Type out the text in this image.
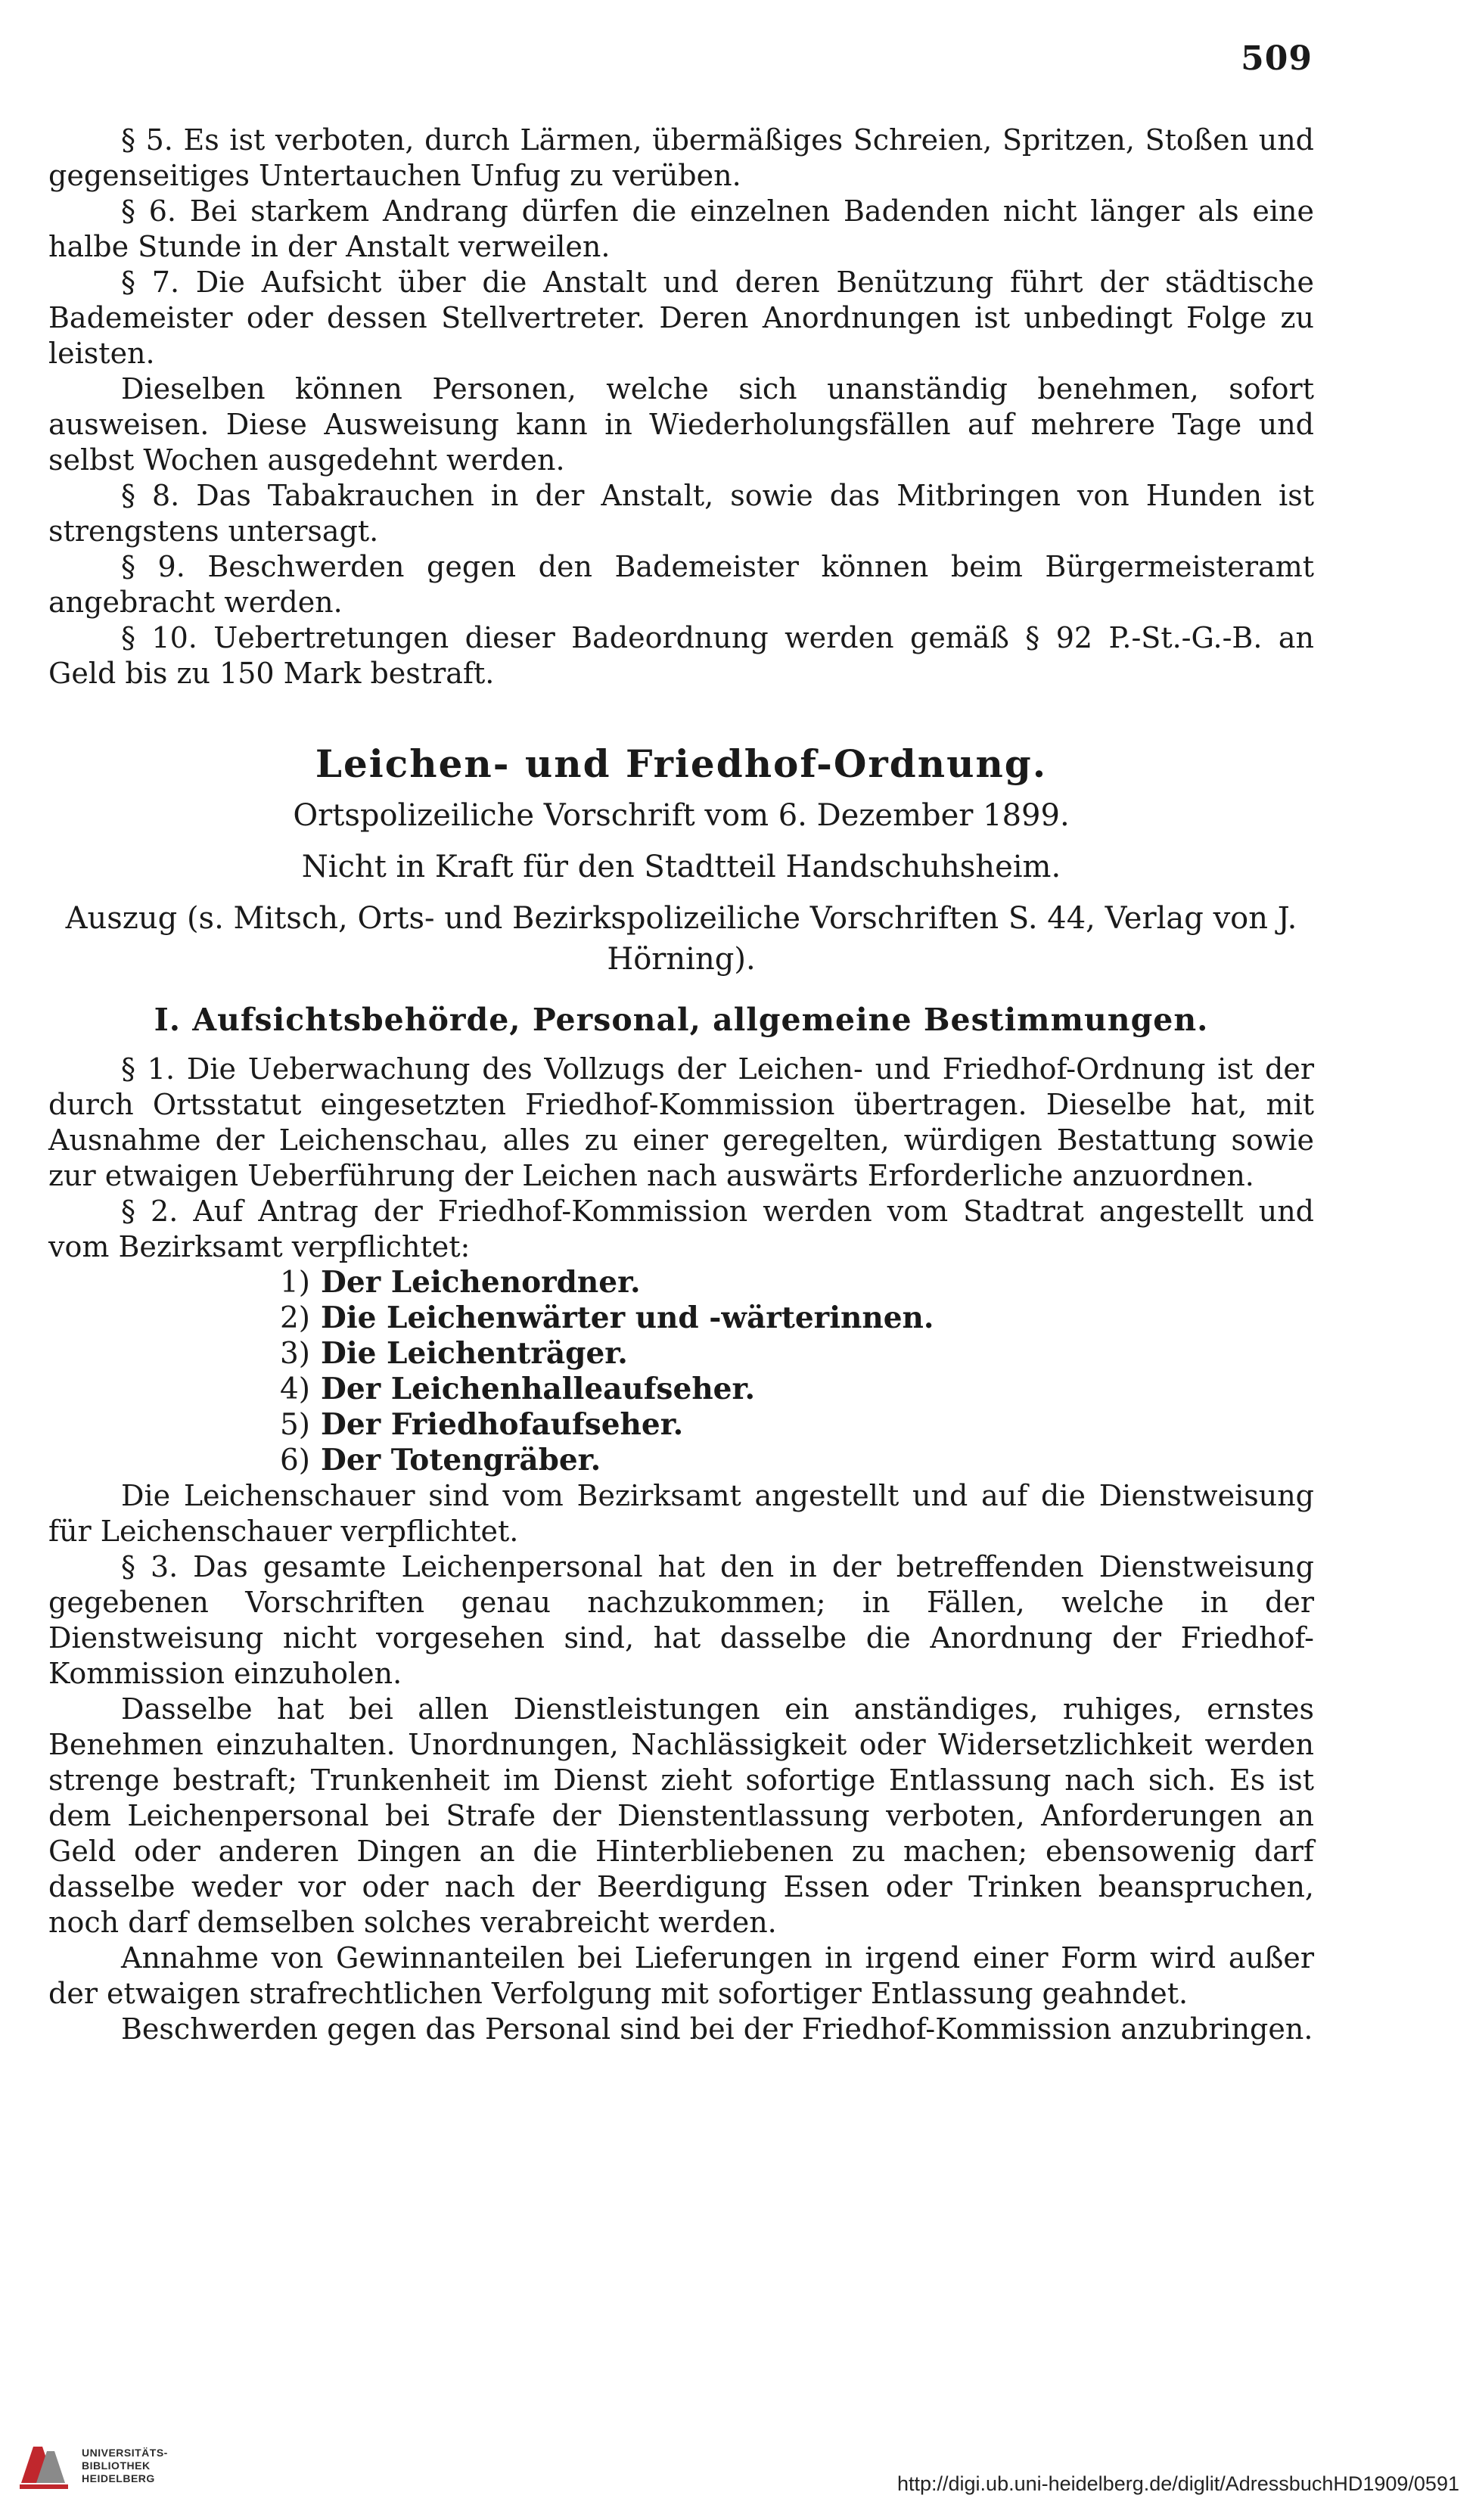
509

§ 5. Es ist verboten, durch Lärmen, übermäßiges Schreien, Spritzen, Stoßen und gegenseitiges Untertauchen Unfug zu verüben.

§ 6. Bei starkem Andrang dürfen die einzelnen Badenden nicht länger als eine halbe Stunde in der Anstalt verweilen.

§ 7. Die Aufsicht über die Anstalt und deren Benützung führt der städtische Bademeister oder dessen Stellvertreter. Deren Anordnungen ist unbedingt Folge zu leisten.

Dieselben können Personen, welche sich unanständig benehmen, sofort ausweisen. Diese Ausweisung kann in Wiederholungsfällen auf mehrere Tage und selbst Wochen ausgedehnt werden.

§ 8. Das Tabakrauchen in der Anstalt, sowie das Mitbringen von Hunden ist strengstens untersagt.

§ 9. Beschwerden gegen den Bademeister können beim Bürgermeisteramt angebracht werden.

§ 10. Uebertretungen dieser Badeordnung werden gemäß § 92 P.-St.-G.-B. an Geld bis zu 150 Mark bestraft.

Leichen- und Friedhof-Ordnung.
Ortspolizeiliche Vorschrift vom 6. Dezember 1899.
Nicht in Kraft für den Stadtteil Handschuhsheim.
Auszug (s. Mitsch, Orts- und Bezirkspolizeiliche Vorschriften S. 44, Verlag von J. Hörning).
I. Aufsichtsbehörde, Personal, allgemeine Bestimmungen.

§ 1. Die Ueberwachung des Vollzugs der Leichen- und Friedhof-Ordnung ist der durch Ortsstatut eingesetzten Friedhof-Kommission übertragen. Dieselbe hat, mit Ausnahme der Leichenschau, alles zu einer geregelten, würdigen Bestattung sowie zur etwaigen Ueberführung der Leichen nach auswärts Erforderliche anzuordnen.

§ 2. Auf Antrag der Friedhof-Kommission werden vom Stadtrat angestellt und vom Bezirksamt verpflichtet:

1) Der Leichenordner.
2) Die Leichenwärter und -wärterinnen.
3) Die Leichenträger.
4) Der Leichenhalleaufseher.
5) Der Friedhofaufseher.
6) Der Totengräber.

Die Leichenschauer sind vom Bezirksamt angestellt und auf die Dienstweisung für Leichenschauer verpflichtet.

§ 3. Das gesamte Leichenpersonal hat den in der betreffenden Dienstweisung gegebenen Vorschriften genau nachzukommen; in Fällen, welche in der Dienstweisung nicht vorgesehen sind, hat dasselbe die Anordnung der Friedhof-Kommission einzuholen.

Dasselbe hat bei allen Dienstleistungen ein anständiges, ruhiges, ernstes Benehmen einzuhalten. Unordnungen, Nachlässigkeit oder Widersetzlichkeit werden strenge bestraft; Trunkenheit im Dienst zieht sofortige Entlassung nach sich. Es ist dem Leichenpersonal bei Strafe der Dienstentlassung verboten, Anforderungen an Geld oder anderen Dingen an die Hinterbliebenen zu machen; ebensowenig darf dasselbe weder vor oder nach der Beerdigung Essen oder Trinken beanspruchen, noch darf demselben solches verabreicht werden.

Annahme von Gewinnanteilen bei Lieferungen in irgend einer Form wird außer der etwaigen strafrechtlichen Verfolgung mit sofortiger Entlassung geahndet.

Beschwerden gegen das Personal sind bei der Friedhof-Kommission anzubringen.

UNIVERSITÄTS-
BIBLIOTHEK
HEIDELBERG	http://digi.ub.uni-heidelberg.de/diglit/AdressbuchHD1909/0591
